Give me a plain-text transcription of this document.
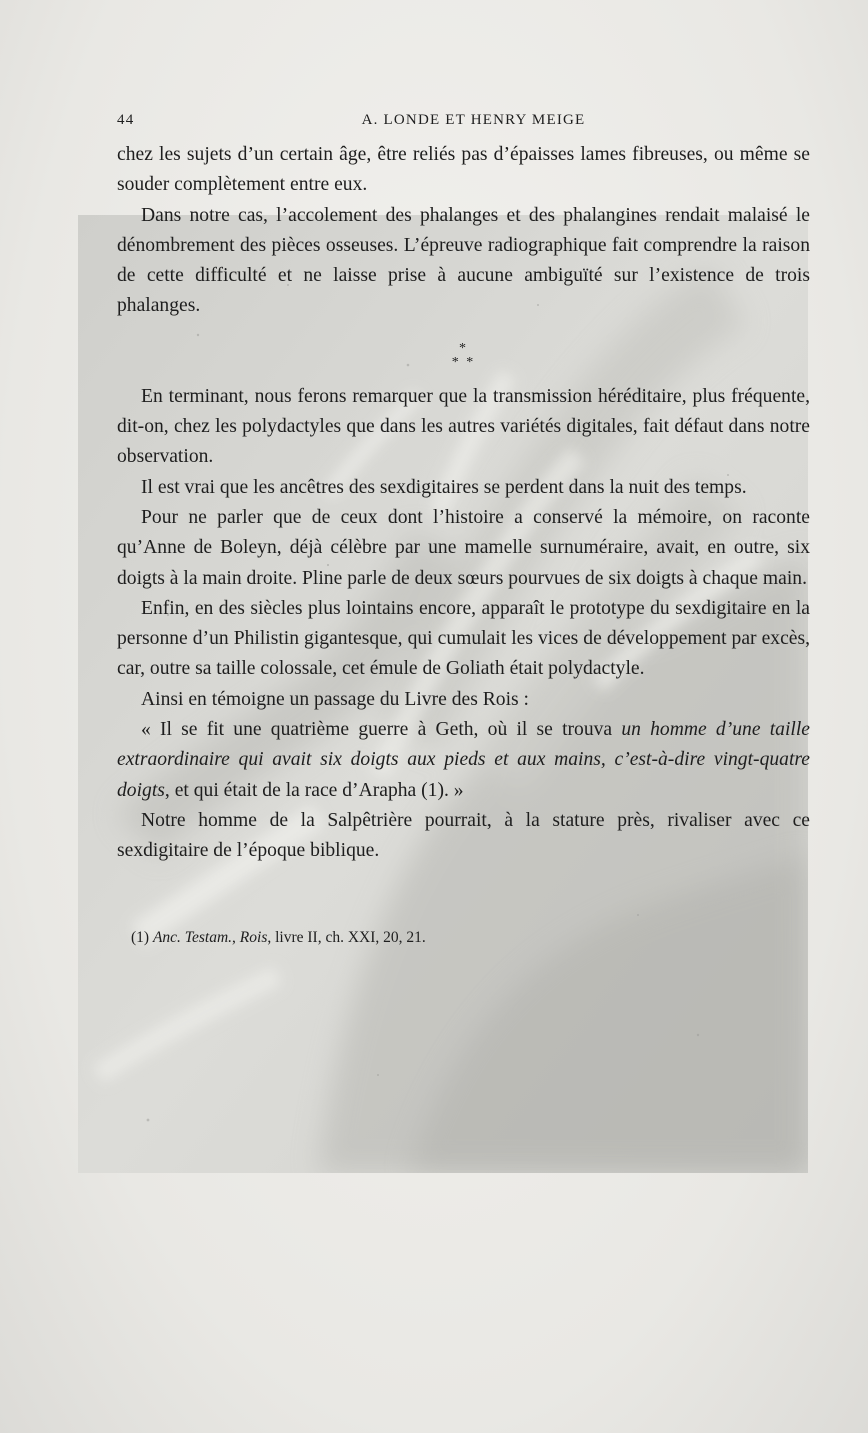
44	A. LONDE ET HENRY MEIGE

chez les sujets d’un certain âge, être reliés pas d’épaisses lames fibreuses, ou même se souder complètement entre eux.

Dans notre cas, l’accolement des phalanges et des phalangines rendait malaisé le dénombrement des pièces osseuses. L’épreuve radiographique fait comprendre la raison de cette difficulté et ne laisse prise à aucune ambiguïté sur l’existence de trois phalanges.

*
* *

En terminant, nous ferons remarquer que la transmission héréditaire, plus fréquente, dit-on, chez les polydactyles que dans les autres variétés digitales, fait défaut dans notre observation.

Il est vrai que les ancêtres des sexdigitaires se perdent dans la nuit des temps.

Pour ne parler que de ceux dont l’histoire a conservé la mémoire, on raconte qu’Anne de Boleyn, déjà célèbre par une mamelle surnuméraire, avait, en outre, six doigts à la main droite. Pline parle de deux sœurs pourvues de six doigts à chaque main.

Enfin, en des siècles plus lointains encore, apparaît le prototype du sexdigitaire en la personne d’un Philistin gigantesque, qui cumulait les vices de développement par excès, car, outre sa taille colossale, cet émule de Goliath était polydactyle.

Ainsi en témoigne un passage du Livre des Rois :

« Il se fit une quatrième guerre à Geth, où il se trouva un homme d’une taille extraordinaire qui avait six doigts aux pieds et aux mains, c’est-à-dire vingt-quatre doigts, et qui était de la race d’Arapha (1). »

Notre homme de la Salpêtrière pourrait, à la stature près, rivaliser avec ce sexdigitaire de l’époque biblique.

(1) Anc. Testam., Rois, livre II, ch. XXI, 20, 21.
